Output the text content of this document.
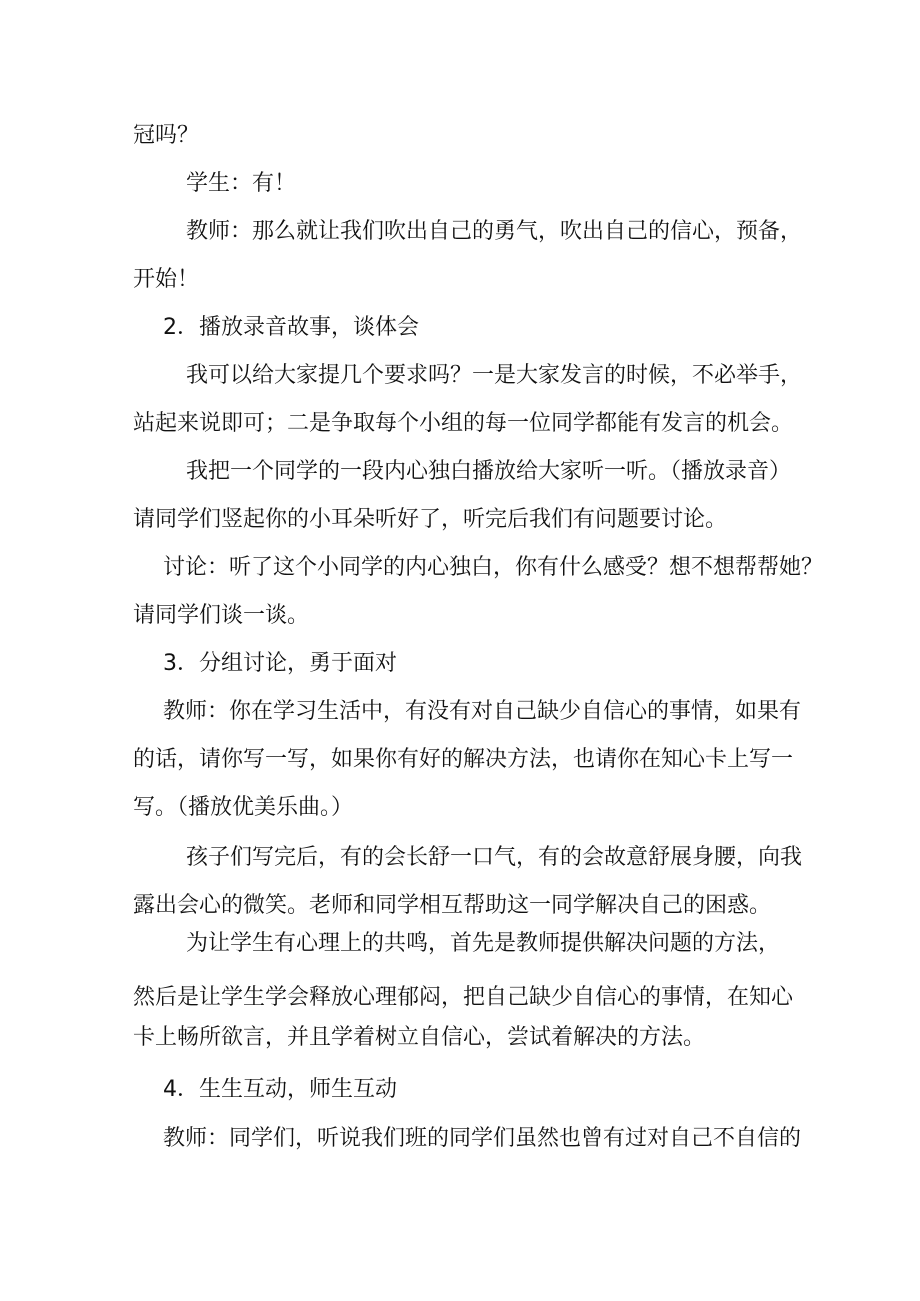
冠吗？
学生：有！
教师：那么就让我们吹出自己的勇气，吹出自己的信心，预备，
开始！
2．播放录音故事，谈体会
我可以给大家提几个要求吗？一是大家发言的时候，不必举手，
站起来说即可；二是争取每个小组的每一位同学都能有发言的机会。
我把一个同学的一段内心独白播放给大家听一听。（播放录音）
请同学们竖起你的小耳朵听好了，听完后我们有问题要讨论。
讨论：听了这个小同学的内心独白，你有什么感受？想不想帮帮她？
请同学们谈一谈。
3．分组讨论，勇于面对
教师：你在学习生活中，有没有对自己缺少自信心的事情，如果有
的话，请你写一写，如果你有好的解决方法，也请你在知心卡上写一
写。（播放优美乐曲。）
孩子们写完后，有的会长舒一口气，有的会故意舒展身腰，向我
露出会心的微笑。老师和同学相互帮助这一同学解决自己的困惑。
为让学生有心理上的共鸣，首先是教师提供解决问题的方法，
然后是让学生学会释放心理郁闷，把自己缺少自信心的事情，在知心
卡上畅所欲言，并且学着树立自信心，尝试着解决的方法。
4．生生互动，师生互动
教师：同学们，听说我们班的同学们虽然也曾有过对自己不自信的
